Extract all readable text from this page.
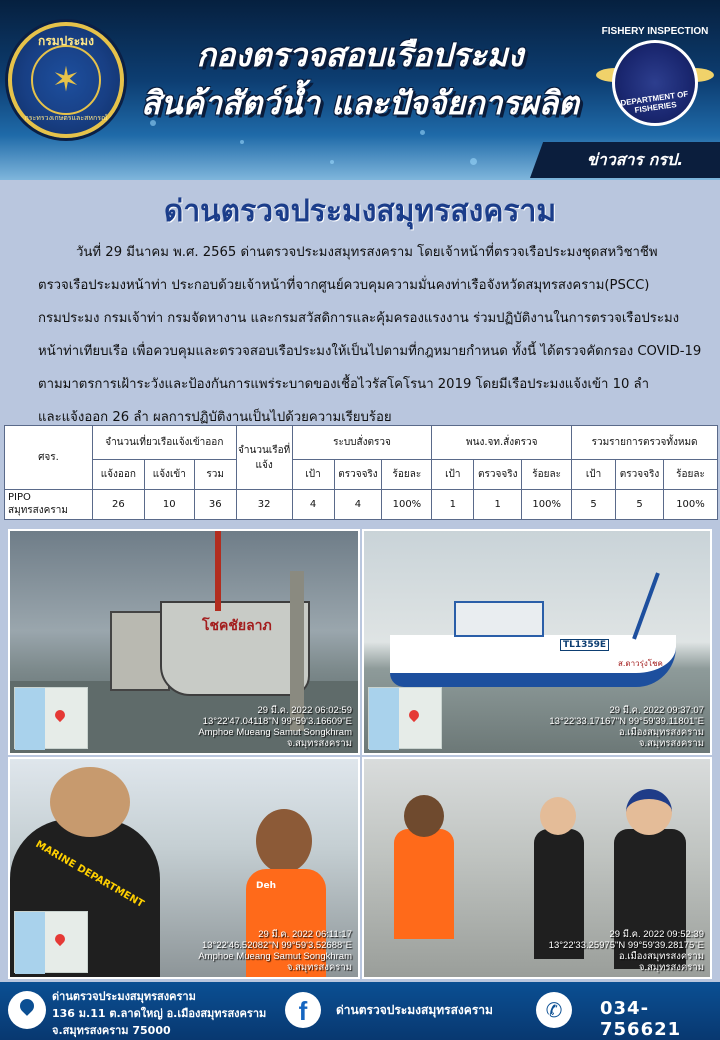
กรมประมง
✶
กระทรวงเกษตรและสหกรณ์
กองตรวจสอบเรือประมง
สินค้าสัตว์น้ำ และปัจจัยการผลิต
FISHERY INSPECTION
DEPARTMENT OF FISHERIES
ข่าวสาร กรป.
ด่านตรวจประมงสมุทรสงคราม
วันที่ 29 มีนาคม พ.ศ. 2565 ด่านตรวจประมงสมุทรสงคราม โดยเจ้าหน้าที่ตรวจเรือประมงชุดสหวิชาชีพ
ตรวจเรือประมงหน้าท่า ประกอบด้วยเจ้าหน้าที่จากศูนย์ควบคุมความมั่นคงท่าเรือจังหวัดสมุทรสงคราม(PSCC)
กรมประมง กรมเจ้าท่า กรมจัดหางาน และกรมสวัสดิการและคุ้มครองแรงงาน ร่วมปฏิบัติงานในการตรวจเรือประมง
หน้าท่าเทียบเรือ เพื่อควบคุมและตรวจสอบเรือประมงให้เป็นไปตามที่กฎหมายกำหนด ทั้งนี้ ได้ตรวจคัดกรอง COVID-19
ตามมาตรการเฝ้าระวังและป้องกันการแพร่ระบาดของเชื้อไวรัสโคโรนา 2019 โดยมีเรือประมงแจ้งเข้า 10 ลำ
และแจ้งออก 26 ลำ ผลการปฏิบัติงานเป็นไปด้วยความเรียบร้อย
ศจร.	จำนวนเที่ยวเรือแจ้งเข้าออก			จำนวนเรือที่แจ้ง	ระบบสั่งตรวจ			พนง.จท.สั่งตรวจ			รวมรายการตรวจทั้งหมด		
	แจ้งออก	แจ้งเข้า	รวม		เป้า	ตรวจจริง	ร้อยละ	เป้า	ตรวจจริง	ร้อยละ	เป้า	ตรวจจริง	ร้อยละ
PIPO สมุทรสงคราม	26	10	36	32	4	4	100%	1	1	100%	5	5	100%
โชคชัยลาภ
29 มี.ค. 2022 06:02:59
13°22'47.04118"N 99°59'3.16609"E
Amphoe Mueang Samut Songkhram
จ.สมุทรสงคราม
TL1359E
ส.ดาวรุ่งโชค
29 มี.ค. 2022 09:37:07
13°22'33.17167"N 99°59'39.11801"E
อ.เมืองสมุทรสงคราม
จ.สมุทรสงคราม
MARINE DEPARTMENT	Deh
29 มี.ค. 2022 06:11:17
13°22'46.52082"N 99°59'3.52688"E
Amphoe Mueang Samut Songkhram
จ.สมุทรสงคราม
29 มี.ค. 2022 09:52:39
13°22'33.25975"N 99°59'39.28175"E
อ.เมืองสมุทรสงคราม
จ.สมุทรสงคราม
ด่านตรวจประมงสมุทรสงคราม
136 ม.11 ต.ลาดใหญ่ อ.เมืองสมุทรสงคราม
จ.สมุทรสงคราม 75000
f	ด่านตรวจประมงสมุทรสงคราม	✆	034-756621
